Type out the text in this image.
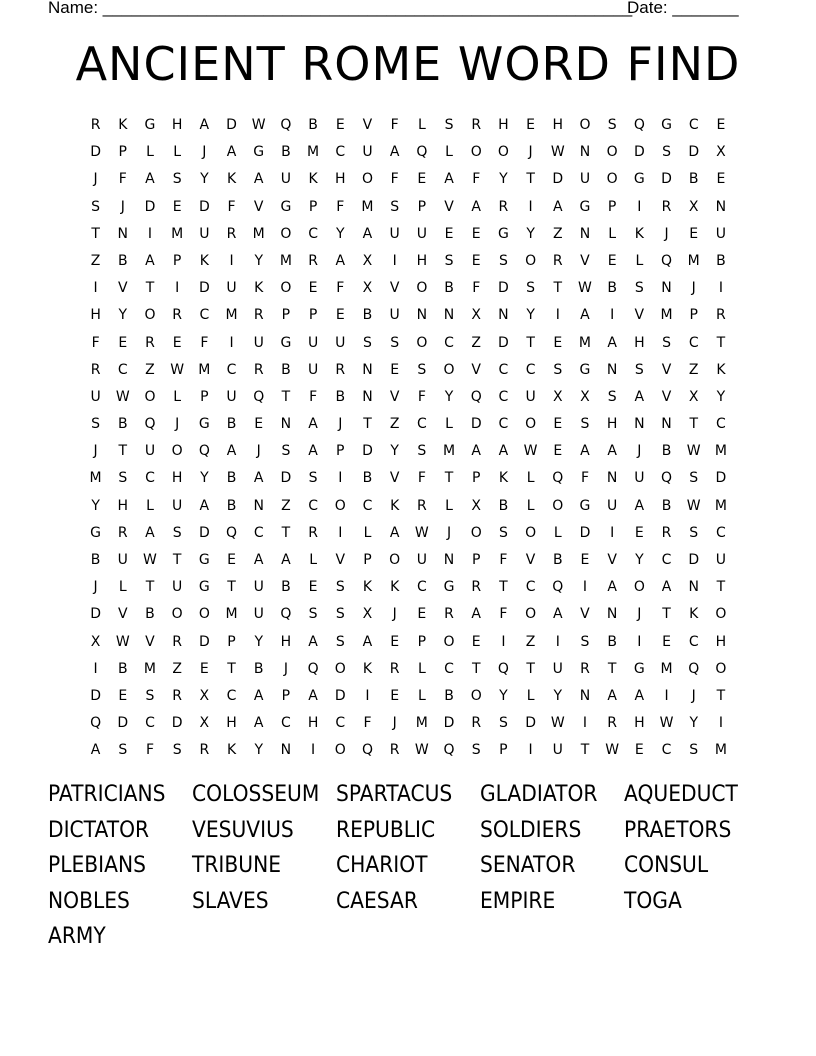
Name: ________________________________________________________
Date: _______
ANCIENT ROME WORD FIND
R	K	G	H	A	D	W	Q	B	E	V	F	L	S	R	H	E	H	O	S	Q	G	C	E
D	P	L	L	J	A	G	B	M	C	U	A	Q	L	O	O	J	W	N	O	D	S	D	X
J	F	A	S	Y	K	A	U	K	H	O	F	E	A	F	Y	T	D	U	O	G	D	B	E
S	J	D	E	D	F	V	G	P	F	M	S	P	V	A	R	I	A	G	P	I	R	X	N
T	N	I	M	U	R	M	O	C	Y	A	U	U	E	E	G	Y	Z	N	L	K	J	E	U
Z	B	A	P	K	I	Y	M	R	A	X	I	H	S	E	S	O	R	V	E	L	Q	M	B
I	V	T	I	D	U	K	O	E	F	X	V	O	B	F	D	S	T	W	B	S	N	J	I
H	Y	O	R	C	M	R	P	P	E	B	U	N	N	X	N	Y	I	A	I	V	M	P	R
F	E	R	E	F	I	U	G	U	U	S	S	O	C	Z	D	T	E	M	A	H	S	C	T
R	C	Z	W	M	C	R	B	U	R	N	E	S	O	V	C	C	S	G	N	S	V	Z	K
U	W	O	L	P	U	Q	T	F	B	N	V	F	Y	Q	C	U	X	X	S	A	V	X	Y
S	B	Q	J	G	B	E	N	A	J	T	Z	C	L	D	C	O	E	S	H	N	N	T	C
J	T	U	O	Q	A	J	S	A	P	D	Y	S	M	A	A	W	E	A	A	J	B	W	M
M	S	C	H	Y	B	A	D	S	I	B	V	F	T	P	K	L	Q	F	N	U	Q	S	D
Y	H	L	U	A	B	N	Z	C	O	C	K	R	L	X	B	L	O	G	U	A	B	W	M
G	R	A	S	D	Q	C	T	R	I	L	A	W	J	O	S	O	L	D	I	E	R	S	C
B	U	W	T	G	E	A	A	L	V	P	O	U	N	P	F	V	B	E	V	Y	C	D	U
J	L	T	U	G	T	U	B	E	S	K	K	C	G	R	T	C	Q	I	A	O	A	N	T
D	V	B	O	O	M	U	Q	S	S	X	J	E	R	A	F	O	A	V	N	J	T	K	O
X	W	V	R	D	P	Y	H	A	S	A	E	P	O	E	I	Z	I	S	B	I	E	C	H
I	B	M	Z	E	T	B	J	Q	O	K	R	L	C	T	Q	T	U	R	T	G	M	Q	O
D	E	S	R	X	C	A	P	A	D	I	E	L	B	O	Y	L	Y	N	A	A	I	J	T
Q	D	C	D	X	H	A	C	H	C	F	J	M	D	R	S	D	W	I	R	H	W	Y	I
A	S	F	S	R	K	Y	N	I	O	Q	R	W	Q	S	P	I	U	T	W	E	C	S	M
PATRICIANS	COLOSSEUM SPARTACUS	GLADIATOR	AQUEDUCT
DICTATOR	VESUVIUS	REPUBLIC	SOLDIERS	PRAETORS
PLEBIANS	TRIBUNE	CHARIOT	SENATOR	CONSUL
NOBLES	SLAVES	CAESAR	EMPIRE	TOGA
ARMY
